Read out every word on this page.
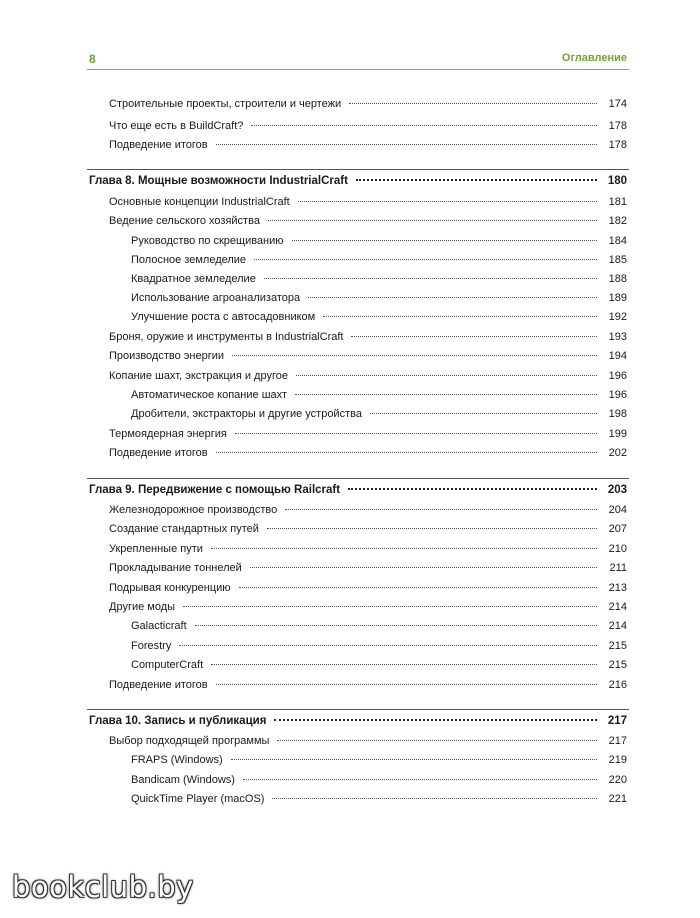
8	Оглавление
Строительные проекты, строители и чертежи	174
Что еще есть в BuildCraft?	178
Подведение итогов	178
Глава 8. Мощные возможности IndustrialCraft	180
Основные концепции IndustrialCraft	181
Ведение сельского хозяйства	182
Руководство по скрещиванию	184
Полосное земледелие	185
Квадратное земледелие	188
Использование агроанализатора	189
Улучшение роста с автосадовником	192
Броня, оружие и инструменты в IndustrialCraft	193
Производство энергии	194
Копание шахт, экстракция и другое	196
Автоматическое копание шахт	196
Дробители, экстракторы и другие устройства	198
Термоядерная энергия	199
Подведение итогов	202
Глава 9. Передвижение с помощью Railcraft	203
Железнодорожное производство	204
Создание стандартных путей	207
Укрепленные пути	210
Прокладывание тоннелей	211
Подрывая конкуренцию	213
Другие моды	214
Galacticraft	214
Forestry	215
ComputerCraft	215
Подведение итогов	216
Глава 10. Запись и публикация	217
Выбор подходящей программы	217
FRAPS (Windows)	219
Bandicam (Windows)	220
QuickTime Player (macOS)	221
bookclub.by
